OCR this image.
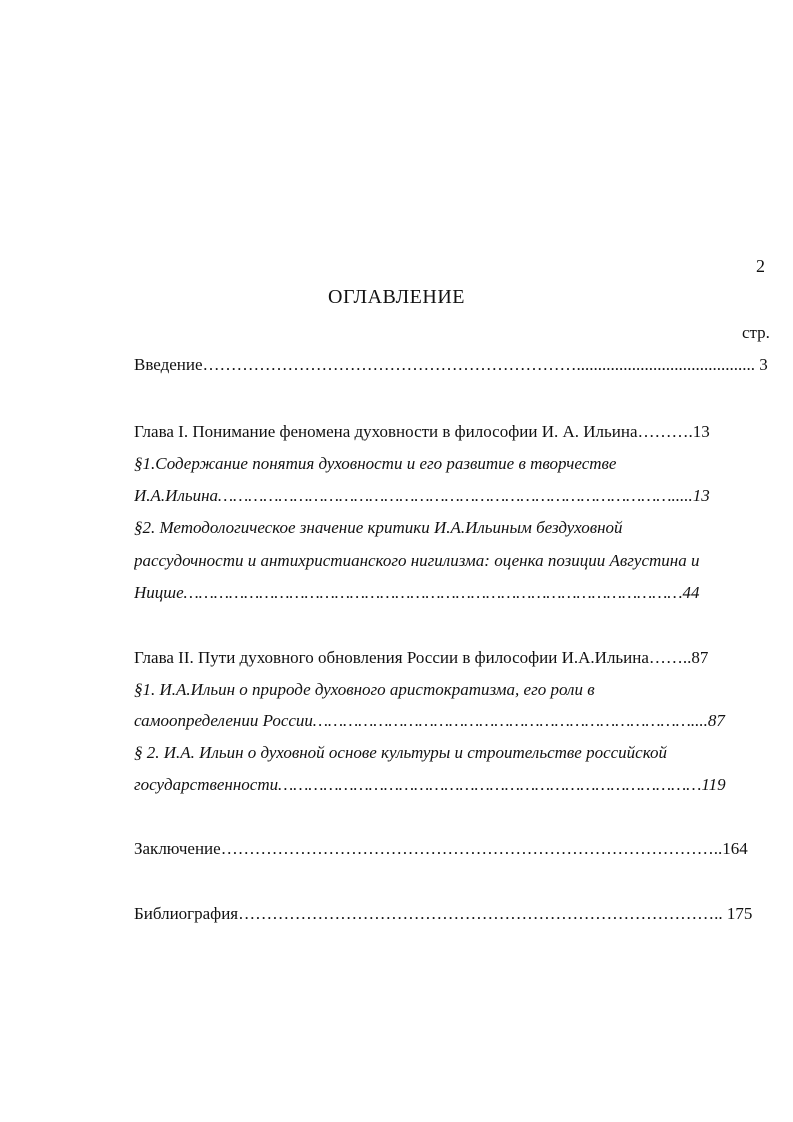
2
ОГЛАВЛЕНИЕ
стр.
Введение………………………………………………………….......................................... 3
Глава I. Понимание феномена духовности в философии И. А. Ильина……….13
§1.Содержание понятия духовности и его развитие в творчестве
И.А.Ильина……………………………………………………………………………….....13
§2. Методологическое значение критики И.А.Ильиным бездуховной
рассудочности и антихристианского нигилизма: оценка позиции Августина и
Ницше………………………………………………………………………………………44
Глава II. Пути духовного обновления России в философии И.А.Ильина……..87
§1. И.А.Ильин о природе духовного аристократизма, его роли в
самоопределении России…………………………………………………………………....87
§ 2. И.А. Ильин о духовной основе культуры и строительстве российской
государственности…………………………………………………………………………119
Заключение……………………………………………………………………………..164
Библиография………………………………………………………………………….. 175
